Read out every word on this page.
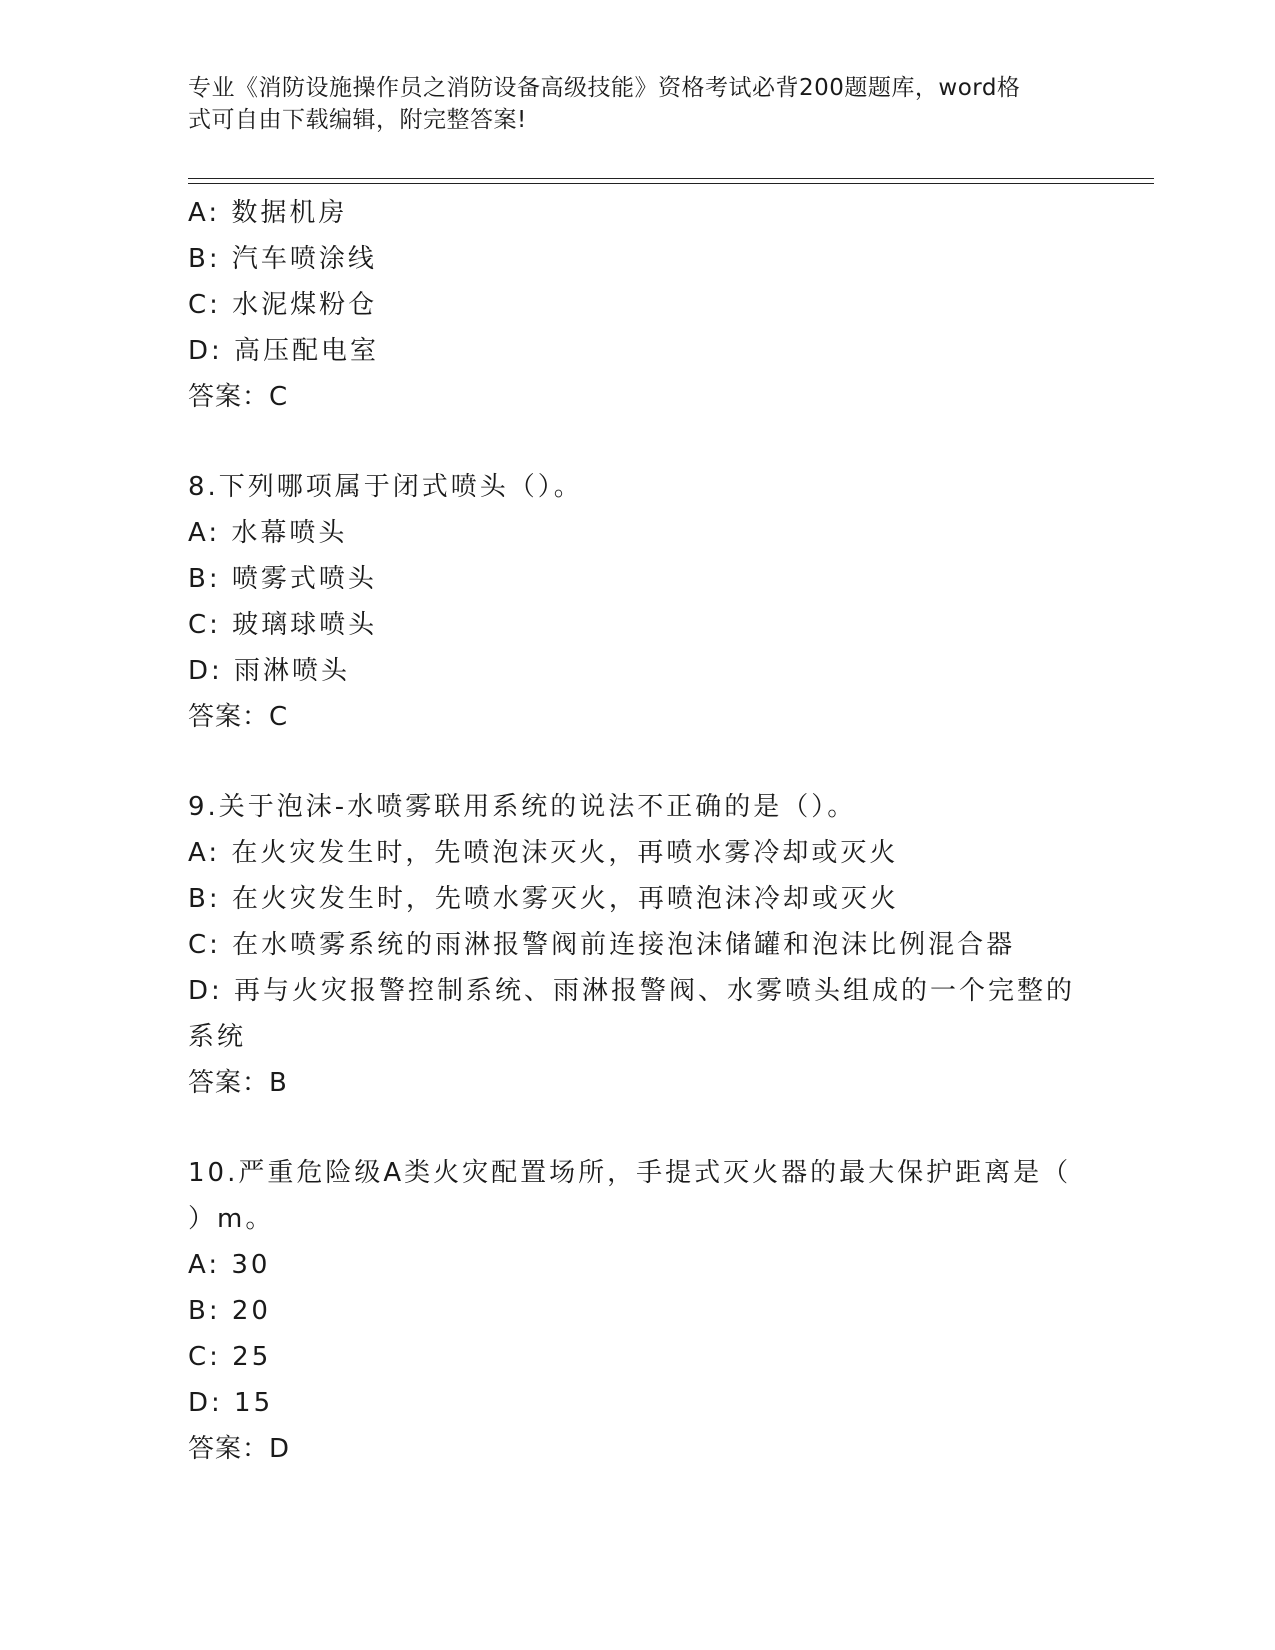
专业《消防设施操作员之消防设备高级技能》资格考试必背200题题库，word格
式可自由下载编辑，附完整答案!
A: 数据机房
B: 汽车喷涂线
C: 水泥煤粉仓
D: 高压配电室
答案：C
8.下列哪项属于闭式喷头（）。
A: 水幕喷头
B: 喷雾式喷头
C: 玻璃球喷头
D: 雨淋喷头
答案：C
9.关于泡沫-水喷雾联用系统的说法不正确的是（）。
A: 在火灾发生时，先喷泡沫灭火，再喷水雾冷却或灭火
B: 在火灾发生时，先喷水雾灭火，再喷泡沫冷却或灭火
C: 在水喷雾系统的雨淋报警阀前连接泡沫储罐和泡沫比例混合器
D: 再与火灾报警控制系统、雨淋报警阀、水雾喷头组成的一个完整的
系统
答案：B
10.严重危险级A类火灾配置场所，手提式灭火器的最大保护距离是（
）m。
A: 30
B: 20
C: 25
D: 15
答案：D
